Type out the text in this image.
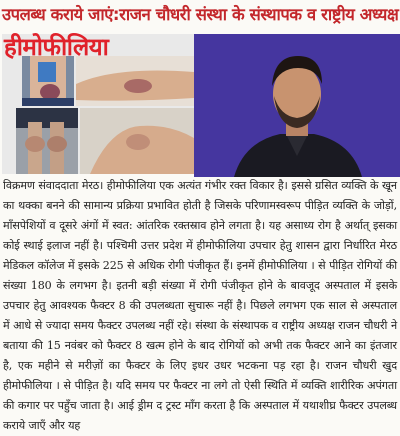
उपलब्ध कराये जाएं:राजन चौधरी संस्था के संस्थापक व राष्ट्रीय अध्यक्ष
हीमोफीलिया
विक्रमण संवाददाता मेरठ। हीमोफीलिया एक अत्यंत गंभीर रक्त विकार है। इससे ग्रसित व्यक्ति के खून का थक्का बनने की सामान्य प्रक्रिया प्रभावित होती है जिसके परिणामस्वरूप पीड़ित व्यक्ति के जोड़ों, माँसपेशियों व दूसरे अंगों में स्वत: आंतरिक रक्तस्राव होने लगता है। यह असाध्य रोग है अर्थात् इसका कोई स्थाई इलाज नहीं है। पश्चिमी उत्तर प्रदेश में हीमोफीलिया उपचार हेतु शासन द्वारा निर्धारित मेरठ मेडिकल कॉलेज में इसके 225 से अधिक रोगी पंजीकृत हैं। इनमें हीमोफीलिया । से पीड़ित रोगियों की संख्या 180 के लगभग है। इतनी बड़ी संख्या में रोगी पंजीकृत होने के बावजूद अस्पताल में इसके उपचार हेतु आवश्यक फैक्टर 8 की उपलब्धता सुचारू नहीं है। पिछले लगभग एक साल से अस्पताल में आधे से ज्यादा समय फैक्टर उपलब्ध नहीं रहे। संस्था के संस्थापक व राष्ट्रीय अध्यक्ष राजन चौधरी ने बताया की 15 नवंबर को फैक्टर 8 खत्म होने के बाद रोगियों को अभी तक फैक्टर आने का इंतजार है, एक महीने से मरीज़ों का फैक्टर के लिए इधर उधर भटकना पड़ रहा है। राजन चौधरी खुद हीमोफीलिया । से पीड़ित है। यदि समय पर फैक्टर ना लगे तो ऐसी स्थिति में व्यक्ति शारीरिक अपंगता की कगार पर पहुँच जाता है। आई ड्रीम द ट्रस्ट माँग करता है कि अस्पताल में यथाशीघ्र फैक्टर उपलब्ध कराये जाएँ और यह
